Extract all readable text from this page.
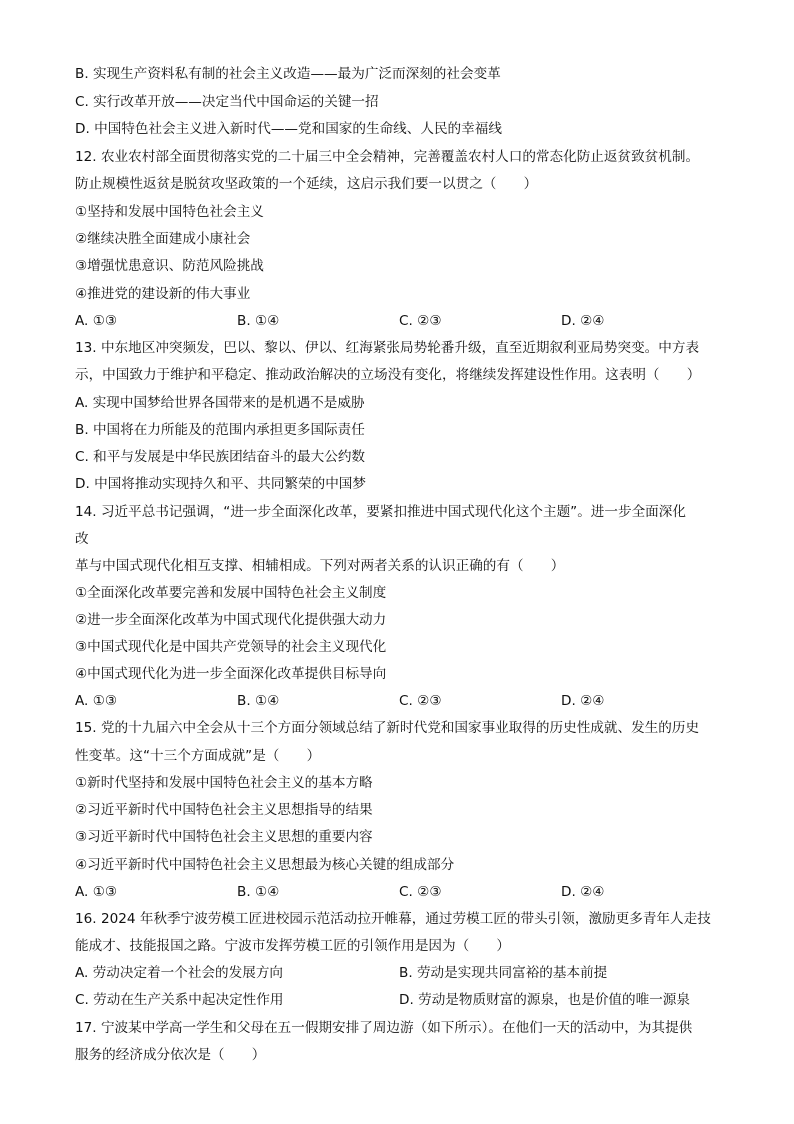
B. 实现生产资料私有制的社会主义改造——最为广泛而深刻的社会变革
C. 实行改革开放——决定当代中国命运的关键一招
D. 中国特色社会主义进入新时代——党和国家的生命线、人民的幸福线
12. 农业农村部全面贯彻落实党的二十届三中全会精神，完善覆盖农村人口的常态化防止返贫致贫机制。
防止规模性返贫是脱贫攻坚政策的一个延续，这启示我们要一以贯之（　　）
①坚持和发展中国特色社会主义
②继续决胜全面建成小康社会
③增强忧患意识、防范风险挑战
④推进党的建设新的伟大事业
A. ①③	B. ①④	C. ②③	D. ②④
13. 中东地区冲突频发，巴以、黎以、伊以、红海紧张局势轮番升级，直至近期叙利亚局势突变。中方表
示，中国致力于维护和平稳定、推动政治解决的立场没有变化，将继续发挥建设性作用。这表明（　　）
A. 实现中国梦给世界各国带来的是机遇不是威胁
B. 中国将在力所能及的范围内承担更多国际责任
C. 和平与发展是中华民族团结奋斗的最大公约数
D. 中国将推动实现持久和平、共同繁荣的中国梦
14. 习近平总书记强调，“进一步全面深化改革，要紧扣推进中国式现代化这个主题”。进一步全面深化
改
革与中国式现代化相互支撑、相辅相成。下列对两者关系的认识正确的有（　　）
①全面深化改革要完善和发展中国特色社会主义制度
②进一步全面深化改革为中国式现代化提供强大动力
③中国式现代化是中国共产党领导的社会主义现代化
④中国式现代化为进一步全面深化改革提供目标导向
A. ①③	B. ①④	C. ②③	D. ②④
15. 党的十九届六中全会从十三个方面分领域总结了新时代党和国家事业取得的历史性成就、发生的历史
性变革。这“十三个方面成就”是（　　）
①新时代坚持和发展中国特色社会主义的基本方略
②习近平新时代中国特色社会主义思想指导的结果
③习近平新时代中国特色社会主义思想的重要内容
④习近平新时代中国特色社会主义思想最为核心关键的组成部分
A. ①③	B. ①④	C. ②③	D. ②④
16. 2024 年秋季宁波劳模工匠进校园示范活动拉开帷幕，通过劳模工匠的带头引领，激励更多青年人走技
能成才、技能报国之路。宁波市发挥劳模工匠的引领作用是因为（　　）
A. 劳动决定着一个社会的发展方向	B. 劳动是实现共同富裕的基本前提
C. 劳动在生产关系中起决定性作用	D. 劳动是物质财富的源泉，也是价值的唯一源泉
17. 宁波某中学高一学生和父母在五一假期安排了周边游（如下所示）。在他们一天的活动中，为其提供
服务的经济成分依次是（　　）
